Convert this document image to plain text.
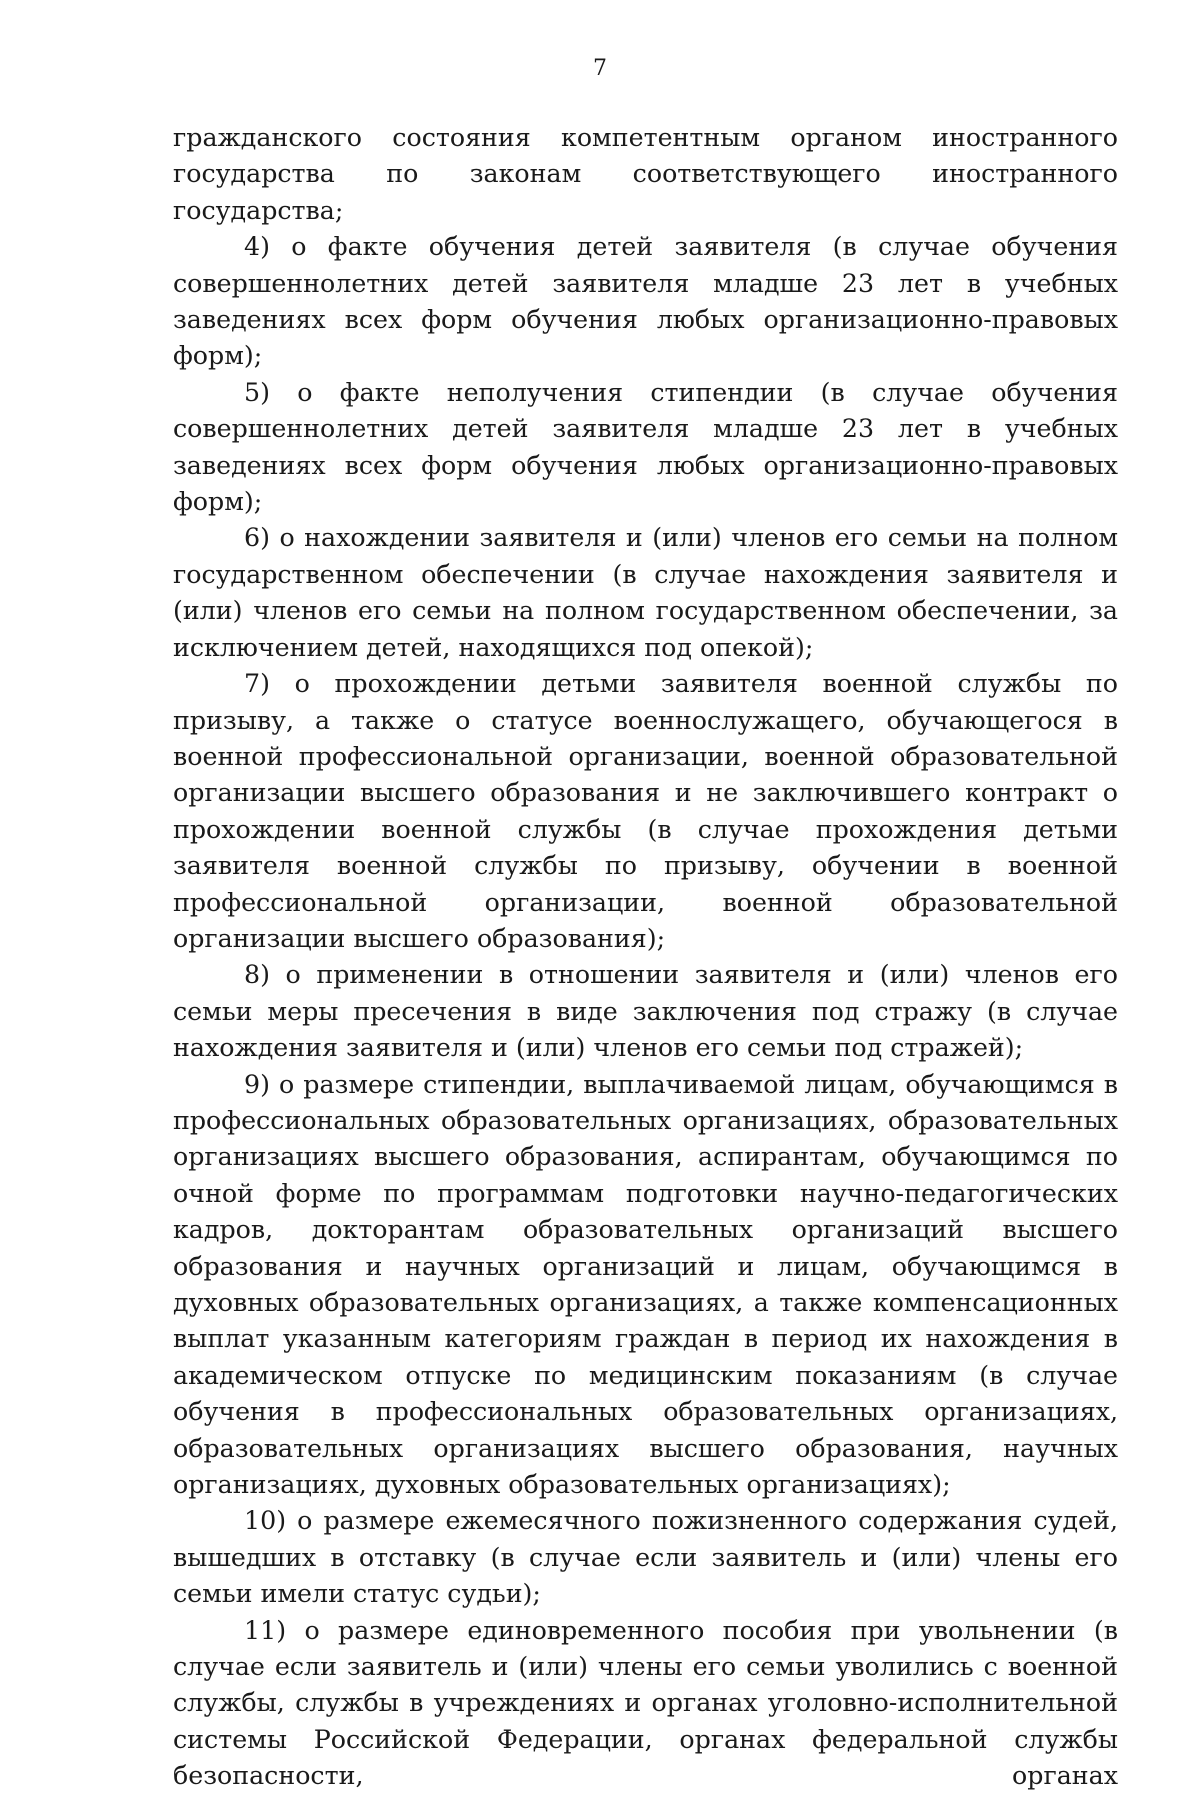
7

гражданского состояния компетентным органом иностранного государства по законам соответствующего иностранного государства;

4) о факте обучения детей заявителя (в случае обучения совершеннолетних детей заявителя младше 23 лет в учебных заведениях всех форм обучения любых организационно-правовых форм);

5) о факте неполучения стипендии (в случае обучения совершеннолетних детей заявителя младше 23 лет в учебных заведениях всех форм обучения любых организационно-правовых форм);

6) о нахождении заявителя и (или) членов его семьи на полном государственном обеспечении (в случае нахождения заявителя и (или) членов его семьи на полном государственном обеспечении, за исключением детей, находящихся под опекой);

7) о прохождении детьми заявителя военной службы по призыву, а также о статусе военнослужащего, обучающегося в военной профессиональной организации, военной образовательной организации высшего образования и не заключившего контракт о прохождении военной службы (в случае прохождения детьми заявителя военной службы по призыву, обучении в военной профессиональной организации, военной образовательной организации высшего образования);

8) о применении в отношении заявителя и (или) членов его семьи меры пресечения в виде заключения под стражу (в случае нахождения заявителя и (или) членов его семьи под стражей);

9) о размере стипендии, выплачиваемой лицам, обучающимся в профессиональных образовательных организациях, образовательных организациях высшего образования, аспирантам, обучающимся по очной форме по программам подготовки научно-педагогических кадров, докторантам образовательных организаций высшего образования и научных организаций и лицам, обучающимся в духовных образовательных организациях, а также компенсационных выплат указанным категориям граждан в период их нахождения в академическом отпуске по медицинским показаниям (в случае обучения в профессиональных образовательных организациях, образовательных организациях высшего образования, научных организациях, духовных образовательных организациях);

10) о размере ежемесячного пожизненного содержания судей, вышедших в отставку (в случае если заявитель и (или) члены его семьи имели статус судьи);

11) о размере единовременного пособия при увольнении (в случае если заявитель и (или) члены его семьи уволились с военной службы, службы в учреждениях и органах уголовно-исполнительной системы Российской Федерации, органах федеральной службы безопасности, органах
